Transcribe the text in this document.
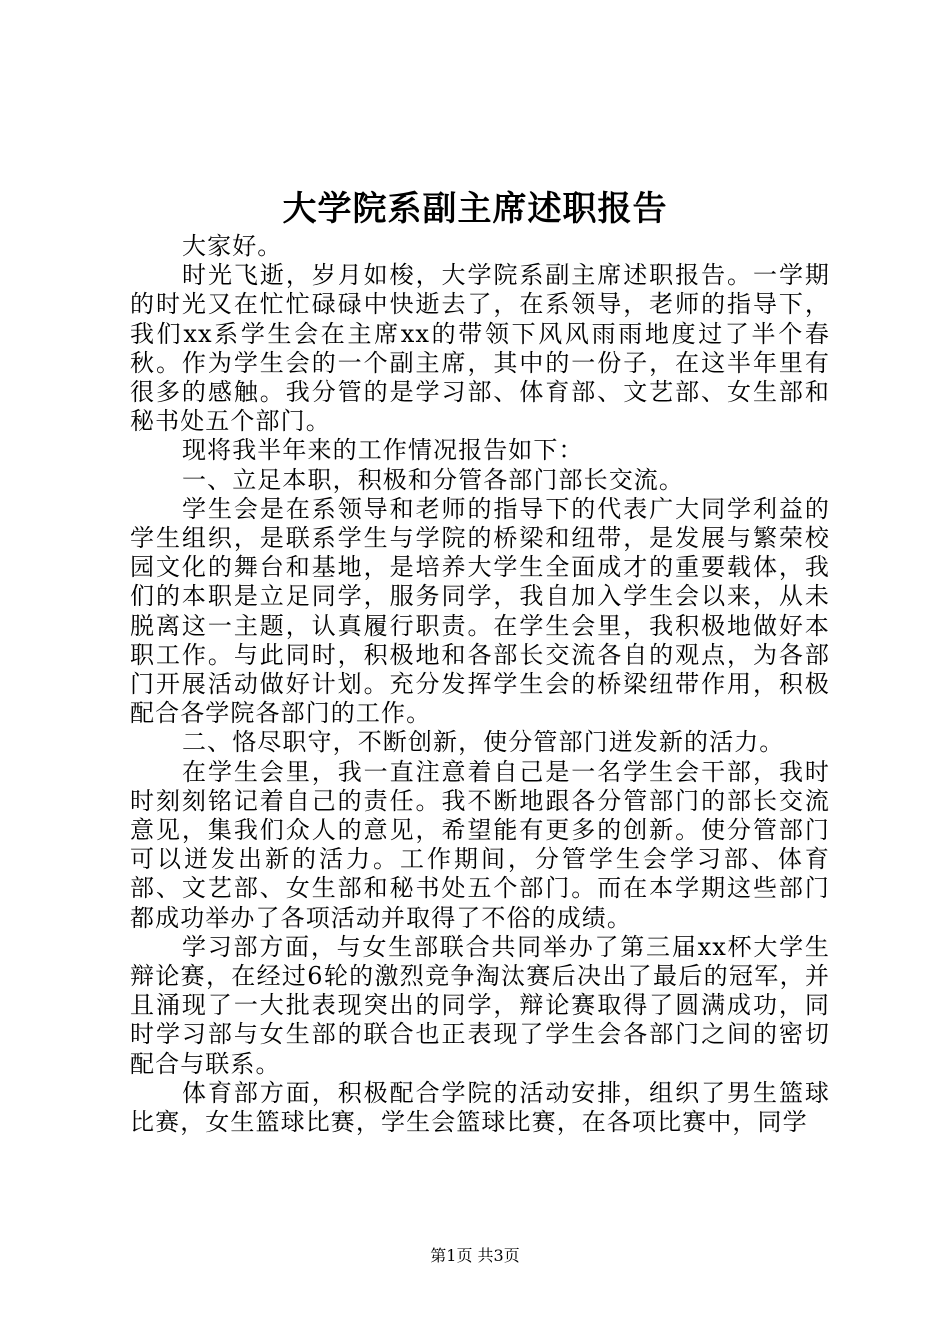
大学院系副主席述职报告

大家好。

时光飞逝，岁月如梭，大学院系副主席述职报告。一学期的时光又在忙忙碌碌中快逝去了，在系领导，老师的指导下，我们xx系学生会在主席xx的带领下风风雨雨地度过了半个春秋。作为学生会的一个副主席，其中的一份子，在这半年里有很多的感触。我分管的是学习部、体育部、文艺部、女生部和秘书处五个部门。

现将我半年来的工作情况报告如下：

一、立足本职，积极和分管各部门部长交流。

学生会是在系领导和老师的指导下的代表广大同学利益的学生组织，是联系学生与学院的桥梁和纽带，是发展与繁荣校园文化的舞台和基地，是培养大学生全面成才的重要载体，我们的本职是立足同学，服务同学，我自加入学生会以来，从未脱离这一主题，认真履行职责。在学生会里，我积极地做好本职工作。与此同时，积极地和各部长交流各自的观点，为各部门开展活动做好计划。充分发挥学生会的桥梁纽带作用，积极配合各学院各部门的工作。

二、恪尽职守，不断创新，使分管部门迸发新的活力。

在学生会里，我一直注意着自己是一名学生会干部，我时时刻刻铭记着自己的责任。我不断地跟各分管部门的部长交流意见，集我们众人的意见，希望能有更多的创新。使分管部门可以迸发出新的活力。工作期间，分管学生会学习部、体育部、文艺部、女生部和秘书处五个部门。而在本学期这些部门都成功举办了各项活动并取得了不俗的成绩。

学习部方面，与女生部联合共同举办了第三届xx杯大学生辩论赛，在经过6轮的激烈竞争淘汰赛后决出了最后的冠军，并且涌现了一大批表现突出的同学，辩论赛取得了圆满成功，同时学习部与女生部的联合也正表现了学生会各部门之间的密切配合与联系。

体育部方面，积极配合学院的活动安排，组织了男生篮球比赛，女生篮球比赛，学生会篮球比赛，在各项比赛中，同学

第1页 共3页
